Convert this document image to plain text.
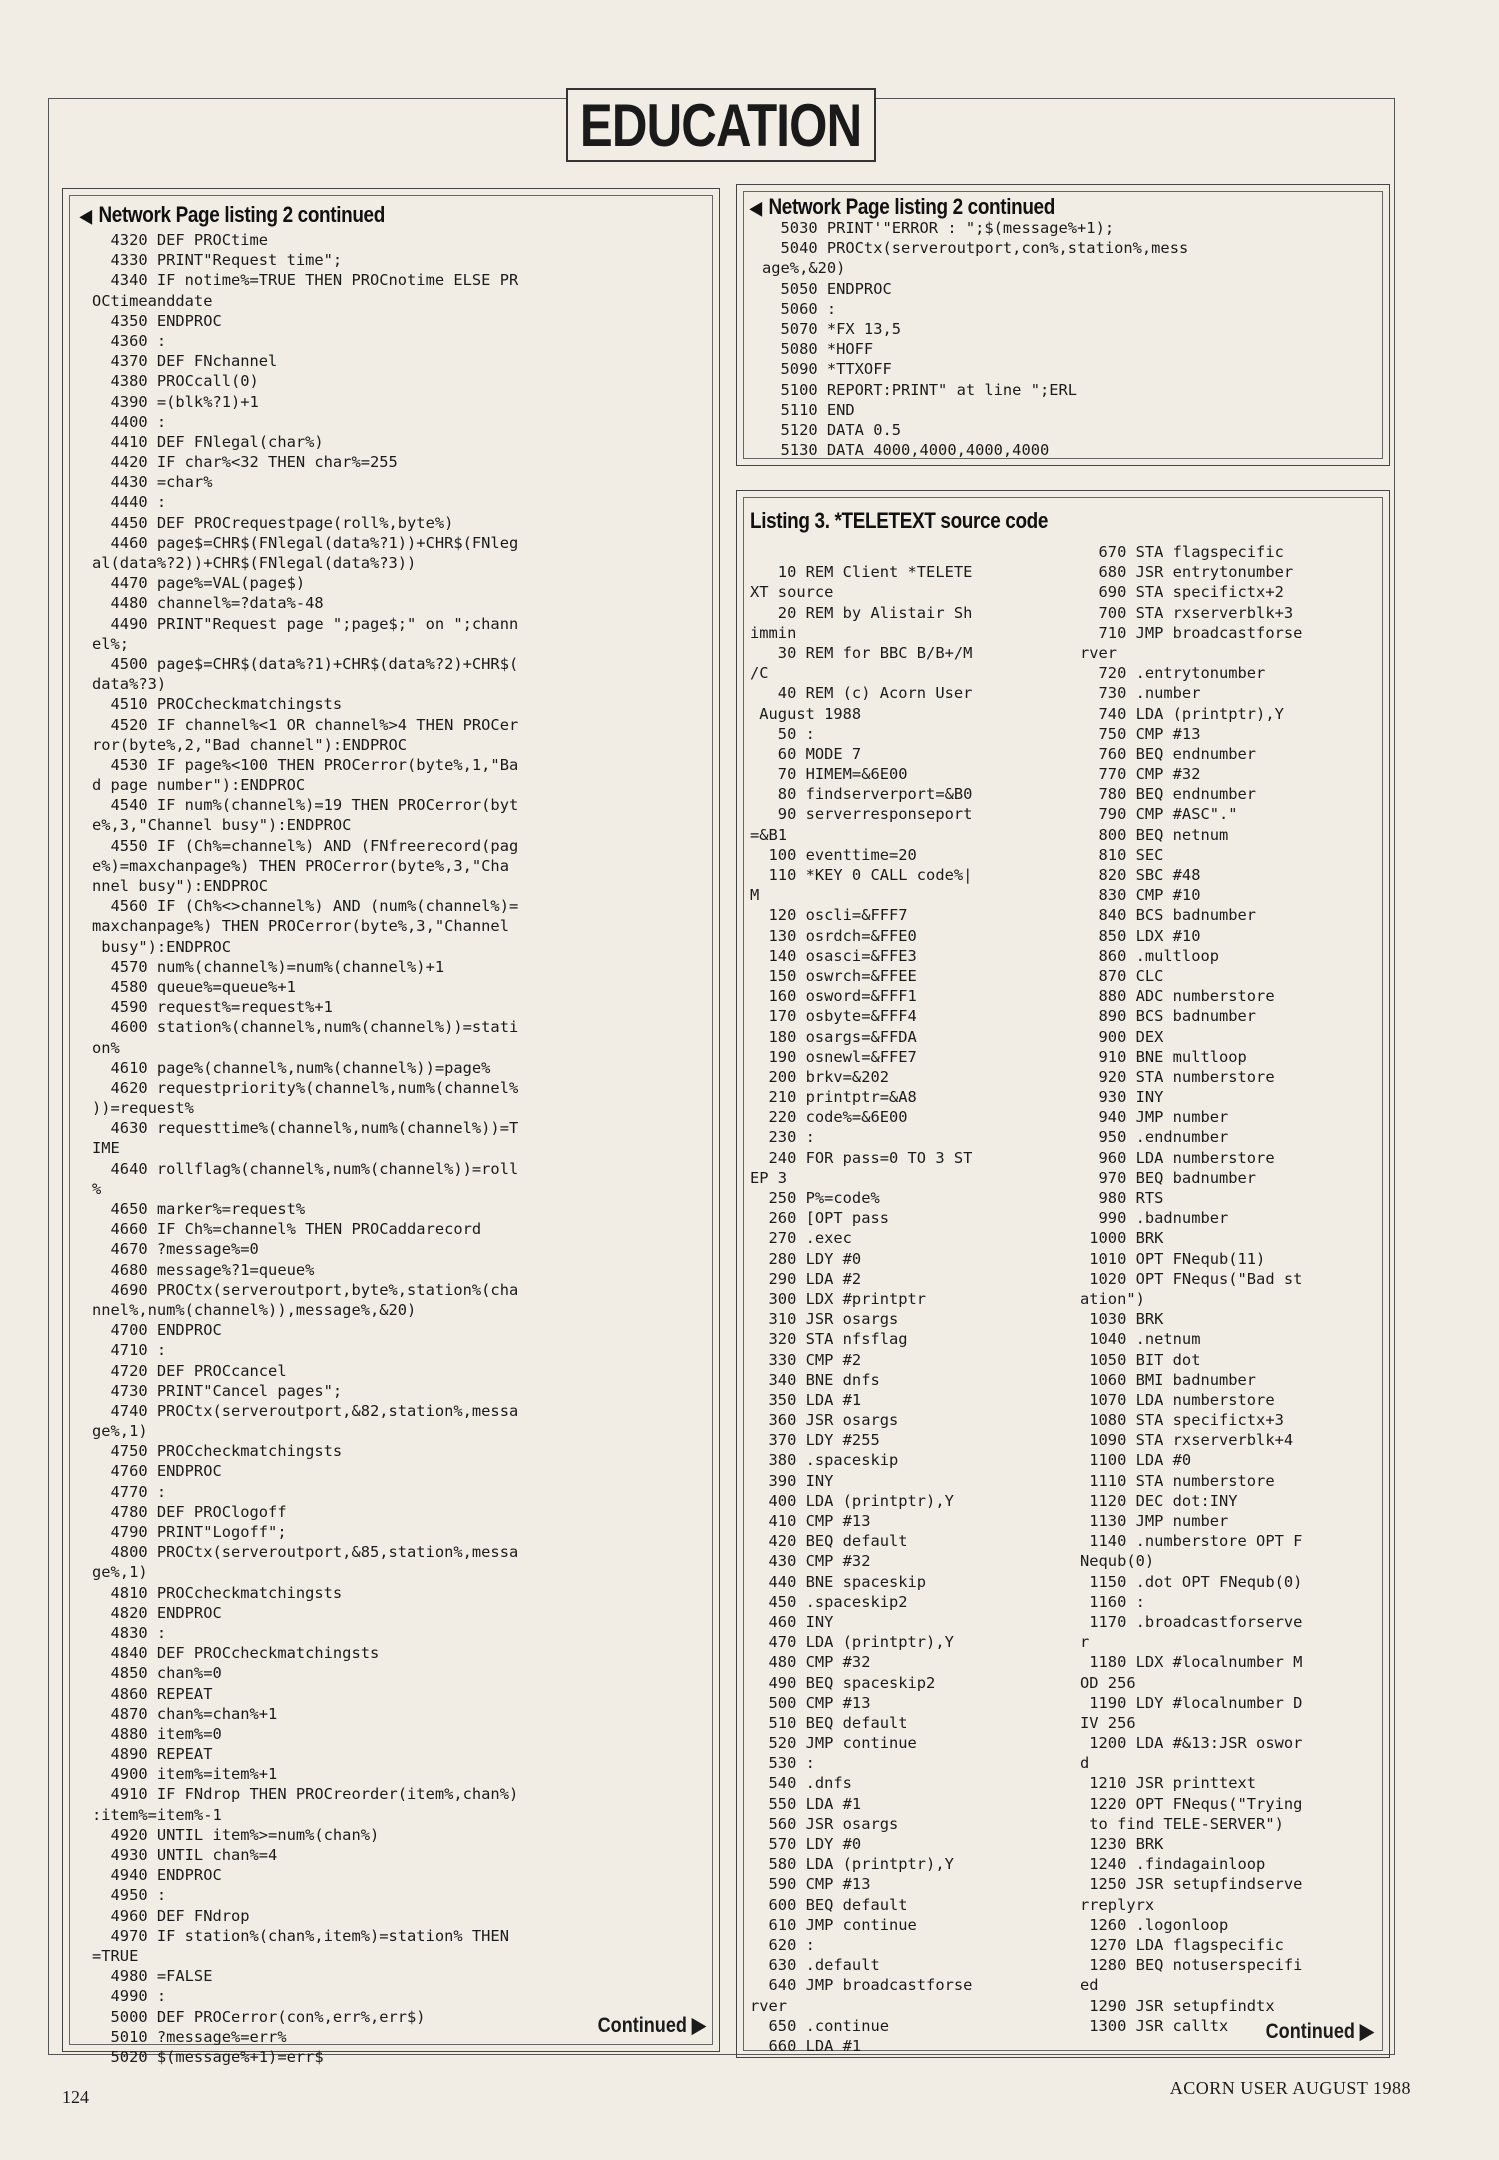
EDUCATION
◀ Network Page listing 2 continued
4320 DEF PROCtime
4330 PRINT"Request time";
4340 IF notime%=TRUE THEN PROCnotime ELSE PR
OCtimeanddate
4350 ENDPROC
4360 :
4370 DEF FNchannel
4380 PROCcall(0)
4390 =(blk%?1)+1
4400 :
4410 DEF FNlegal(char%)
4420 IF char%<32 THEN char%=255
4430 =char%
4440 :
4450 DEF PROCrequestpage(roll%,byte%)
4460 page$=CHR$(FNlegal(data%?1))+CHR$(FNleg
al(data%?2))+CHR$(FNlegal(data%?3))
4470 page%=VAL(page$)
4480 channel%=?data%-48
4490 PRINT"Request page ";page$;" on ";chann
el%;
4500 page$=CHR$(data%?1)+CHR$(data%?2)+CHR$(
data%?3)
4510 PROCcheckmatchingsts
4520 IF channel%<1 OR channel%>4 THEN PROCer
ror(byte%,2,"Bad channel"):ENDPROC
4530 IF page%<100 THEN PROCerror(byte%,1,"Ba
d page number"):ENDPROC
4540 IF num%(channel%)=19 THEN PROCerror(byt
e%,3,"Channel busy"):ENDPROC
4550 IF (Ch%=channel%) AND (FNfreerecord(pag
e%)=maxchanpage%) THEN PROCerror(byte%,3,"Cha
nnel busy"):ENDPROC
4560 IF (Ch%<>channel%) AND (num%(channel%)=
maxchanpage%) THEN PROCerror(byte%,3,"Channel
busy"):ENDPROC
4570 num%(channel%)=num%(channel%)+1
4580 queue%=queue%+1
4590 request%=request%+1
4600 station%(channel%,num%(channel%))=stati
on%
4610 page%(channel%,num%(channel%))=page%
4620 requestpriority%(channel%,num%(channel%
))=request%
4630 requesttime%(channel%,num%(channel%))=T
IME
4640 rollflag%(channel%,num%(channel%))=roll
%
4650 marker%=request%
4660 IF Ch%=channel% THEN PROCaddarecord
4670 ?message%=0
4680 message%?1=queue%
4690 PROCtx(serveroutport,byte%,station%(cha
nnel%,num%(channel%)),message%,&20)
4700 ENDPROC
4710 :
4720 DEF PROCcancel
4730 PRINT"Cancel pages";
4740 PROCtx(serveroutport,&82,station%,messa
ge%,1)
4750 PROCcheckmatchingsts
4760 ENDPROC
4770 :
4780 DEF PROClogoff
4790 PRINT"Logoff";
4800 PROCtx(serveroutport,&85,station%,messa
ge%,1)
4810 PROCcheckmatchingsts
4820 ENDPROC
4830 :
4840 DEF PROCcheckmatchingsts
4850 chan%=0
4860 REPEAT
4870 chan%=chan%+1
4880 item%=0
4890 REPEAT
4900 item%=item%+1
4910 IF FNdrop THEN PROCreorder(item%,chan%)
:item%=item%-1
4920 UNTIL item%>=num%(chan%)
4930 UNTIL chan%=4
4940 ENDPROC
4950 :
4960 DEF FNdrop
4970 IF station%(chan%,item%)=station% THEN
=TRUE
4980 =FALSE
4990 :
5000 DEF PROCerror(con%,err%,err$)
5010 ?message%=err%
5020 $(message%+1)=err$
Continued ▶
◀ Network Page listing 2 continued
5030 PRINT'"ERROR : ";$(message%+1);
5040 PROCtx(serveroutport,con%,station%,mess
age%,&20)
5050 ENDPROC
5060 :
5070 *FX 13,5
5080 *HOFF
5090 *TTXOFF
5100 REPORT:PRINT" at line ";ERL
5110 END
5120 DATA 0.5
5130 DATA 4000,4000,4000,4000
Listing 3. *TELETEXT source code
10 REM Client *TELETE
XT source
20 REM by Alistair Sh
immin
30 REM for BBC B/B+/M
/C
40 REM (c) Acorn User
August 1988
50 :
60 MODE 7
70 HIMEM=&6E00
80 findserverport=&B0
90 serverresponseport
=&B1
100 eventtime=20
110 *KEY 0 CALL code%|
M
120 oscli=&FFF7
130 osrdch=&FFE0
140 osasci=&FFE3
150 oswrch=&FFEE
160 osword=&FFF1
170 osbyte=&FFF4
180 osargs=&FFDA
190 osnewl=&FFE7
200 brkv=&202
210 printptr=&A8
220 code%=&6E00
230 :
240 FOR pass=0 TO 3 ST
EP 3
250 P%=code%
260 [OPT pass
270 .exec
280 LDY #0
290 LDA #2
300 LDX #printptr
310 JSR osargs
320 STA nfsflag
330 CMP #2
340 BNE dnfs
350 LDA #1
360 JSR osargs
370 LDY #255
380 .spaceskip
390 INY
400 LDA (printptr),Y
410 CMP #13
420 BEQ default
430 CMP #32
440 BNE spaceskip
450 .spaceskip2
460 INY
470 LDA (printptr),Y
480 CMP #32
490 BEQ spaceskip2
500 CMP #13
510 BEQ default
520 JMP continue
530 :
540 .dnfs
550 LDA #1
560 JSR osargs
570 LDY #0
580 LDA (printptr),Y
590 CMP #13
600 BEQ default
610 JMP continue
620 :
630 .default
640 JMP broadcastforse
rver
650 .continue
660 LDA #1
670 STA flagspecific
680 JSR entrytonumber
690 STA specifictx+2
700 STA rxserverblk+3
710 JMP broadcastforse
rver
720 .entrytonumber
730 .number
740 LDA (printptr),Y
750 CMP #13
760 BEQ endnumber
770 CMP #32
780 BEQ endnumber
790 CMP #ASC"."
800 BEQ netnum
810 SEC
820 SBC #48
830 CMP #10
840 BCS badnumber
850 LDX #10
860 .multloop
870 CLC
880 ADC numberstore
890 BCS badnumber
900 DEX
910 BNE multloop
920 STA numberstore
930 INY
940 JMP number
950 .endnumber
960 LDA numberstore
970 BEQ badnumber
980 RTS
990 .badnumber
1000 BRK
1010 OPT FNequb(11)
1020 OPT FNequs("Bad st
ation")
1030 BRK
1040 .netnum
1050 BIT dot
1060 BMI badnumber
1070 LDA numberstore
1080 STA specifictx+3
1090 STA rxserverblk+4
1100 LDA #0
1110 STA numberstore
1120 DEC dot:INY
1130 JMP number
1140 .numberstore OPT F
Nequb(0)
1150 .dot OPT FNequb(0)
1160 :
1170 .broadcastforserve
r
1180 LDX #localnumber M
OD 256
1190 LDY #localnumber D
IV 256
1200 LDA #&13:JSR oswor
d
1210 JSR printtext
1220 OPT FNequs("Trying
to find TELE-SERVER")
1230 BRK
1240 .findagainloop
1250 JSR setupfindserve
rreplyrx
1260 .logonloop
1270 LDA flagspecific
1280 BEQ notuserspecifi
ed
1290 JSR setupfindtx
1300 JSR calltx	Continued ▶
124	ACORN USER AUGUST 1988
